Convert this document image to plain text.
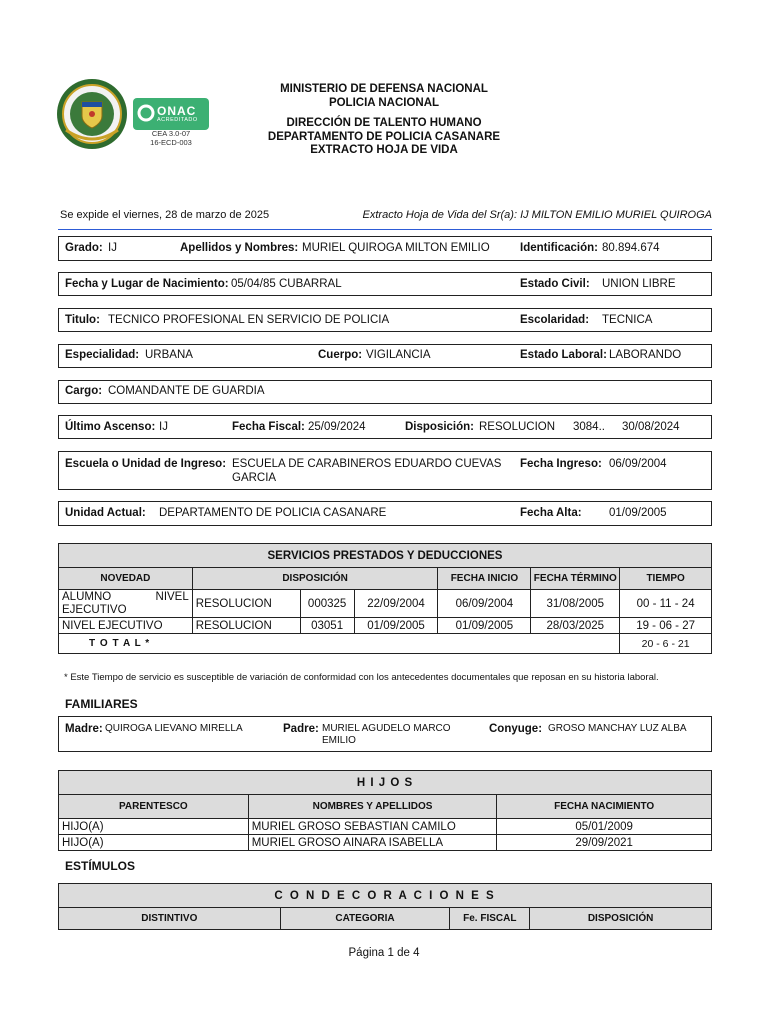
ONAC
ACREDITADO
CEA 3.0-07
16-ECD-003
MINISTERIO DE DEFENSA NACIONAL
POLICIA NACIONAL
DIRECCIÓN DE TALENTO HUMANO
DEPARTAMENTO DE POLICIA CASANARE
EXTRACTO HOJA DE VIDA
Se expide el viernes, 28 de marzo de 2025	Extracto Hoja de Vida del Sr(a): IJ MILTON EMILIO MURIEL QUIROGA
Grado: IJ	Apellidos y Nombres: MURIEL QUIROGA MILTON EMILIO	Identificación: 80.894.674
Fecha y Lugar de Nacimiento: 05/04/85 CUBARRAL	Estado Civil: UNION LIBRE
Titulo: TECNICO PROFESIONAL EN SERVICIO DE POLICIA	Escolaridad: TECNICA
Especialidad: URBANA	Cuerpo: VIGILANCIA	Estado Laboral: LABORANDO
Cargo: COMANDANTE DE GUARDIA
Último Ascenso: IJ	Fecha Fiscal: 25/09/2024	Disposición: RESOLUCION 3084.. 30/08/2024
Escuela o Unidad de Ingreso: ESCUELA DE CARABINEROS EDUARDO CUEVAS
GARCIA
Fecha Ingreso: 06/09/2004
Unidad Actual: DEPARTAMENTO DE POLICIA CASANARE	Fecha Alta: 01/09/2005
SERVICIOS PRESTADOS Y DEDUCCIONES						
NOVEDAD	DISPOSICIÓN			FECHA INICIO	FECHA TÉRMINO	TIEMPO

ALUMNO NIVEL
EJECUTIVO	RESOLUCION	000325	22/09/2004	06/09/2004	31/08/2005	00 - 11 - 24
NIVEL EJECUTIVO	RESOLUCION	03051	01/09/2005	01/09/2005	28/03/2025	19 - 06 - 27
T O T A L *						20 - 6 - 21
* Este Tiempo de servicio es susceptible de variación de conformidad con los antecedentes documentales que reposan en su historia laboral.
FAMILIARES
Madre: QUIROGA LIEVANO MIRELLA	Padre: MURIEL AGUDELO MARCO
EMILIO
Conyuge: GROSO MANCHAY LUZ ALBA
H I J O S		
PARENTESCO	NOMBRES Y APELLIDOS	FECHA NACIMIENTO
HIJO(A)	MURIEL GROSO SEBASTIAN CAMILO	05/01/2009
HIJO(A)	MURIEL GROSO AINARA ISABELLA	29/09/2021
ESTÍMULOS
C O N D E C O R A C I O N E S
DISTINTIVO	CATEGORIA	Fe. FISCAL	DISPOSICIÓN
Página 1 de 4
